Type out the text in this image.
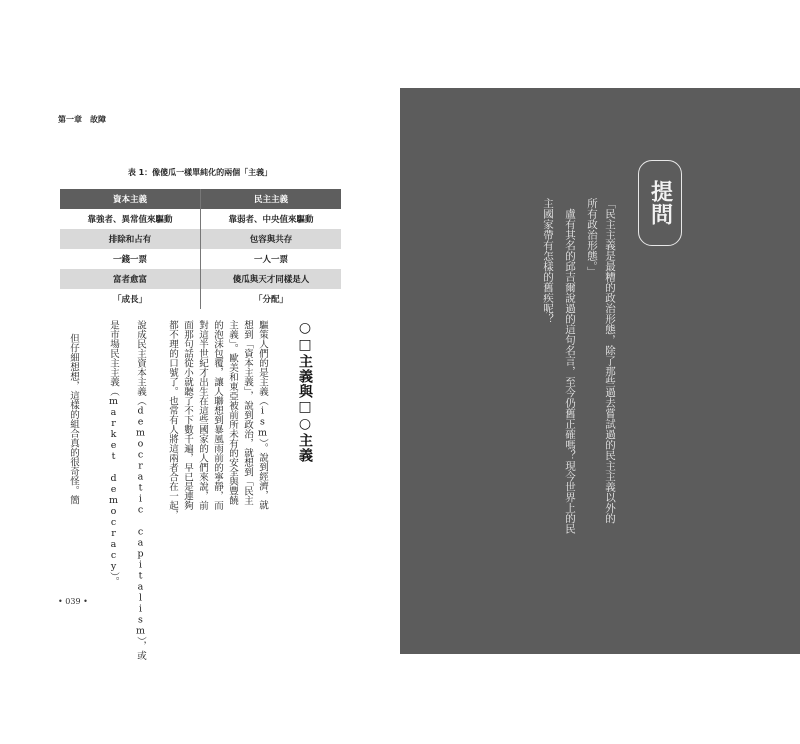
第一章　故障
表 1：像傻瓜一樣單純化的兩個「主義」
資本主義	民主主義
靠強者、異常值來驅動	靠弱者、中央值來驅動
排除和占有	包容與共存
一錢一票	一人一票
富者愈富	傻瓜與天才同樣是人
「成長」	「分配」
○□主義與□○主義
驅策人們的是主義（ism）。說到經濟，就
想到「資本主義」，說到政治，就想到「民主
主義」。歐美和東亞被前所未有的安全與豐饒
的泡沫包覆，讓人聯想到暴風雨前的寧靜，而
對這半世紀才出生在這些國家的人們來說，前
面那句話從小就聽了不下數千遍，早已是連夠
都不理的口號了。也常有人將這兩者合在一起，
說成民主資本主義（democratic capitalism），或
是市場民主主義（market democracy）。
　但仔細想想，這樣的組合真的很奇怪。簡
• 039 •
提問
「民主主義是最糟的政治形態，除了那些過去嘗試過的民主主義以外的
所有政治形態。」
　盧有其名的邱吉爾說過的這句名言，至今仍舊正確嗎？現今世界上的民
主國家帶有怎樣的舊疾呢？
